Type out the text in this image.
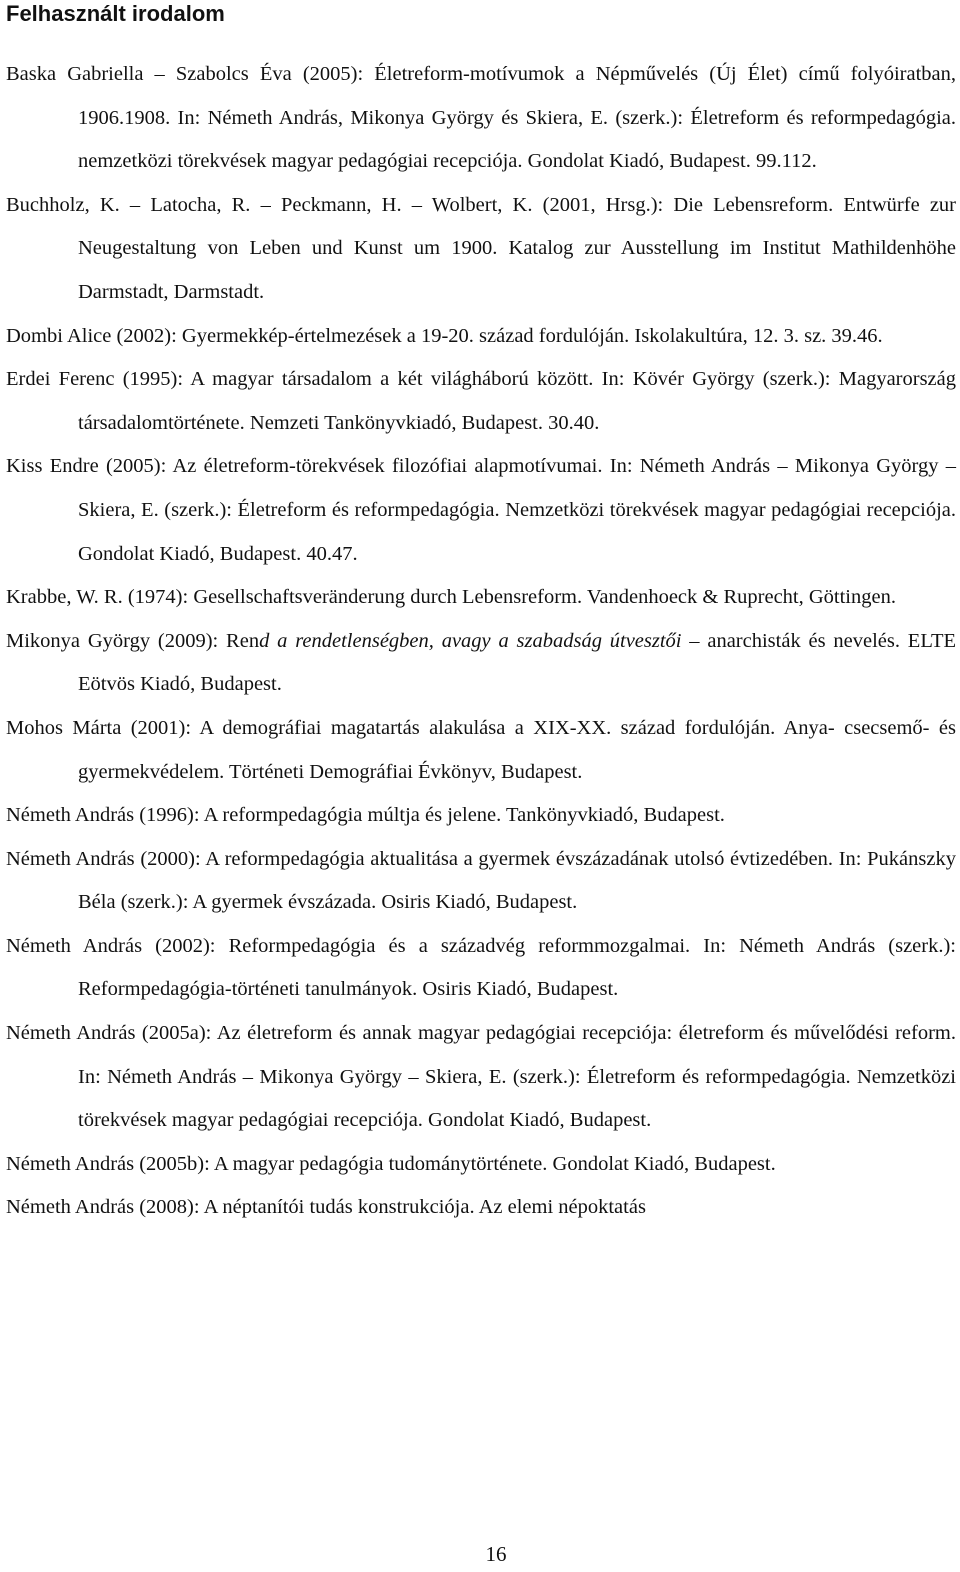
Felhasznált irodalom

Baska Gabriella – Szabolcs Éva (2005): Életreform-motívumok a Népművelés (Új Élet) című folyóiratban, 1906.1908. In: Németh András, Mikonya György és Skiera, E. (szerk.): Életreform és reformpedagógia. nemzetközi törekvések magyar pedagógiai recepciója. Gondolat Kiadó, Budapest. 99.112.

Buchholz, K. – Latocha, R. – Peckmann, H. – Wolbert, K. (2001, Hrsg.): Die Lebensreform. Entwürfe zur Neugestaltung von Leben und Kunst um 1900. Katalog zur Ausstellung im Institut Mathildenhöhe Darmstadt, Darmstadt.

Dombi Alice (2002): Gyermekkép-értelmezések a 19-20. század fordulóján. Iskolakultúra, 12. 3. sz. 39.46.

Erdei Ferenc (1995): A magyar társadalom a két világháború között. In: Kövér György (szerk.): Magyarország társadalomtörténete. Nemzeti Tankönyvkiadó, Budapest. 30.40.

Kiss Endre (2005): Az életreform-törekvések filozófiai alapmotívumai. In: Németh András – Mikonya György – Skiera, E. (szerk.): Életreform és reformpedagógia. Nemzetközi törekvések magyar pedagógiai recepciója. Gondolat Kiadó, Budapest. 40.47.

Krabbe, W. R. (1974): Gesellschaftsveränderung durch Lebensreform. Vandenhoeck & Ruprecht, Göttingen.

Mikonya György (2009): Rend a rendetlenségben, avagy a szabadság útvesztői – anarchisták és nevelés. ELTE Eötvös Kiadó, Budapest.

Mohos Márta (2001): A demográfiai magatartás alakulása a XIX-XX. század fordulóján. Anya- csecsemő- és gyermekvédelem. Történeti Demográfiai Évkönyv, Budapest.

Németh András (1996): A reformpedagógia múltja és jelene. Tankönyvkiadó, Budapest.

Németh András (2000): A reformpedagógia aktualitása a gyermek évszázadának utolsó évtizedében. In: Pukánszky Béla (szerk.): A gyermek évszázada. Osiris Kiadó, Budapest.

Németh András (2002): Reformpedagógia és a századvég reformmozgalmai. In: Németh András (szerk.): Reformpedagógia-történeti tanulmányok. Osiris Kiadó, Budapest.

Németh András (2005a): Az életreform és annak magyar pedagógiai recepciója: életreform és művelődési reform. In: Németh András – Mikonya György – Skiera, E. (szerk.): Életreform és reformpedagógia. Nemzetközi törekvések magyar pedagógiai recepciója. Gondolat Kiadó, Budapest.

Németh András (2005b): A magyar pedagógia tudománytörténete. Gondolat Kiadó, Budapest.

Németh András (2008): A néptanítói tudás konstrukciója. Az elemi népoktatás

16
